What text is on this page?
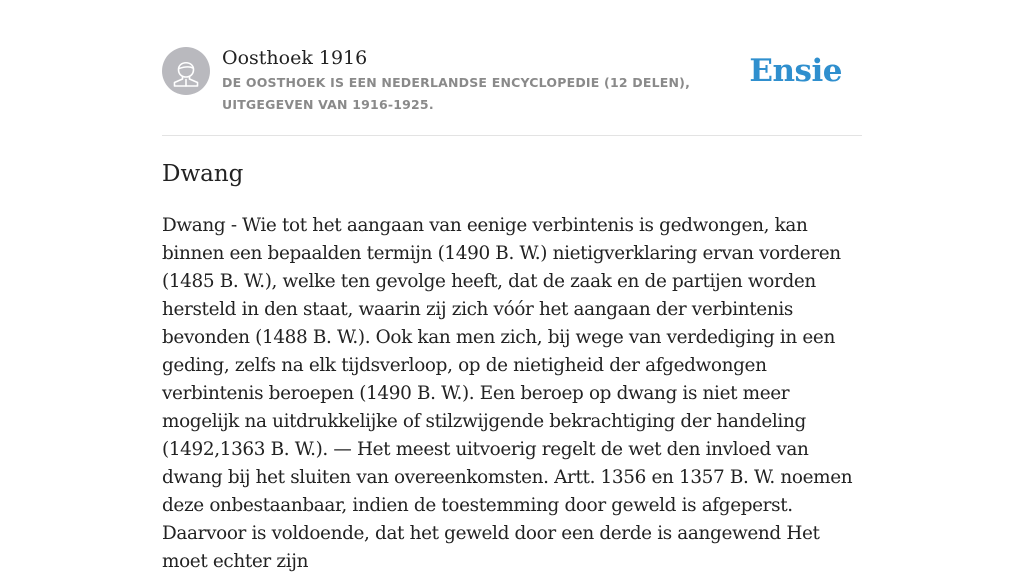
Oosthoek 1916
DE OOSTHOEK IS EEN NEDERLANDSE ENCYCLOPEDIE (12 DELEN), UITGEGEVEN VAN 1916-1925.
Ensie
Dwang

Dwang - Wie tot het aangaan van eenige verbintenis is gedwongen, kan binnen een bepaalden termijn (1490 B. W.) nietigverklaring ervan vorderen (1485 B. W.), welke ten gevolge heeft, dat de zaak en de partijen worden hersteld in den staat, waarin zij zich vóór het aangaan der verbintenis bevonden (1488 B. W.). Ook kan men zich, bij wege van verdediging in een geding, zelfs na elk tijdsverloop, op de nietigheid der afgedwongen verbintenis beroepen (1490 B. W.). Een beroep op dwang is niet meer mogelijk na uitdrukkelijke of stilzwijgende bekrachtiging der handeling (1492,1363 B. W.). — Het meest uitvoerig regelt de wet den invloed van dwang bij het sluiten van overeenkomsten. Artt. 1356 en 1357 B. W. noemen deze onbestaanbaar, indien de toestemming door geweld is afgeperst. Daarvoor is voldoende, dat het geweld door een derde is aangewend Het moet echter zijn
